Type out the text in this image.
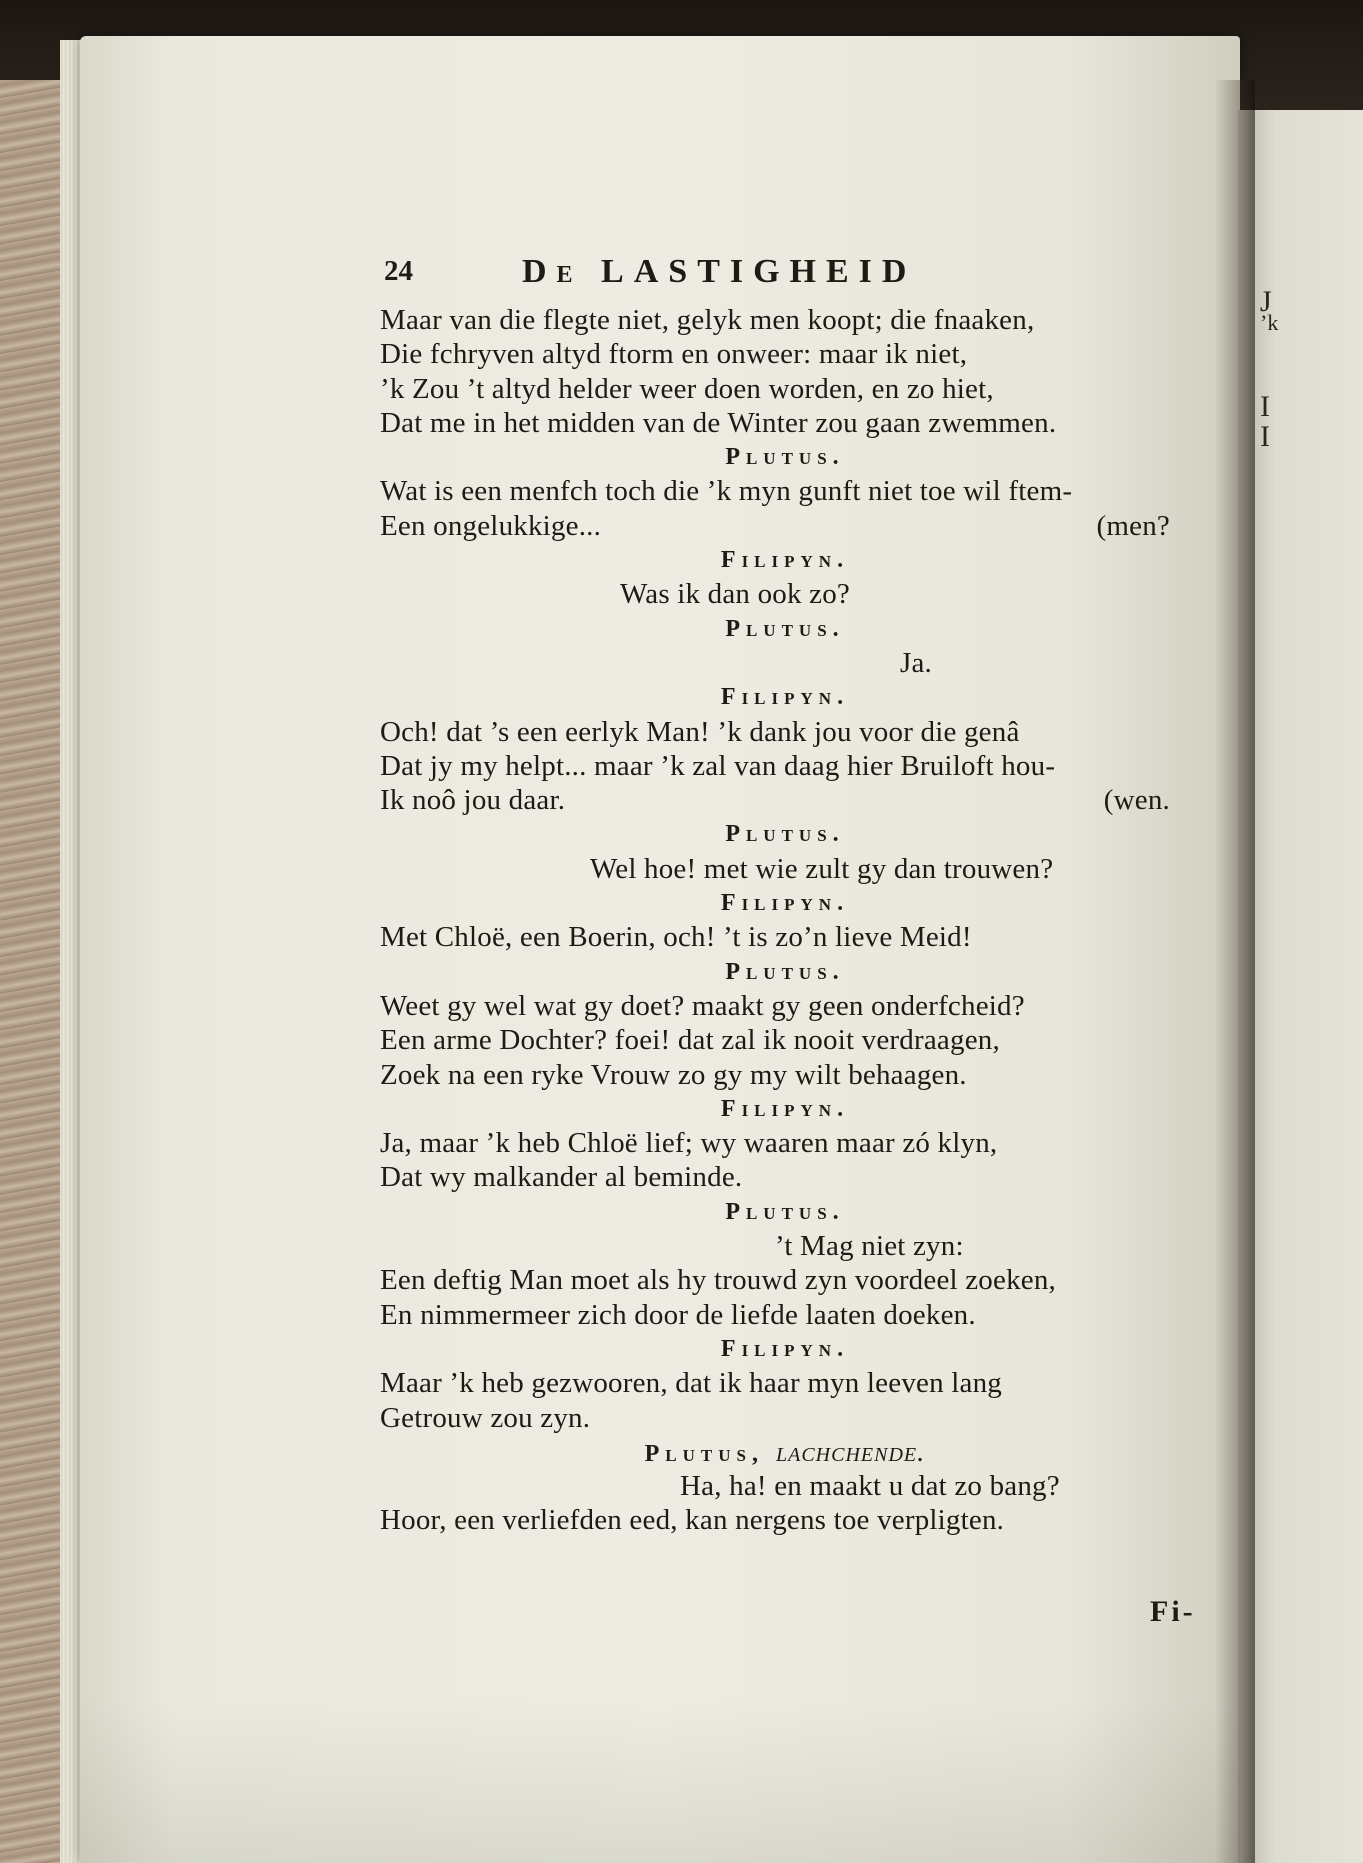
J
’k
I
I
24	De LASTIGHEID
Maar van die flegte niet, gelyk men koopt; die fnaaken,
Die fchryven altyd ftorm en onweer: maar ik niet,
’k Zou ’t altyd helder weer doen worden, en zo hiet,
Dat me in het midden van de Winter zou gaan zwemmen.
Plutus.
Wat is een menfch toch die ’k myn gunft niet toe wil ftem-
Een ongelukkige...	(men?
Filipyn.
Was ik dan ook zo?
Plutus.
Ja.
Filipyn.
Och! dat ’s een eerlyk Man! ’k dank jou voor die genâ
Dat jy my helpt... maar ’k zal van daag hier Bruiloft hou-
Ik noô jou daar.	(wen.
Plutus.
Wel hoe! met wie zult gy dan trouwen?
Filipyn.
Met Chloë, een Boerin, och! ’t is zo’n lieve Meid!
Plutus.
Weet gy wel wat gy doet? maakt gy geen onderfcheid?
Een arme Dochter? foei! dat zal ik nooit verdraagen,
Zoek na een ryke Vrouw zo gy my wilt behaagen.
Filipyn.
Ja, maar ’k heb Chloë lief; wy waaren maar zó klyn,
Dat wy malkander al beminde.
Plutus.
’t Mag niet zyn:
Een deftig Man moet als hy trouwd zyn voordeel zoeken,
En nimmermeer zich door de liefde laaten doeken.
Filipyn.
Maar ’k heb gezwooren, dat ik haar myn leeven lang
Getrouw zou zyn.
Plutus, lachchende.
Ha, ha! en maakt u dat zo bang?
Hoor, een verliefden eed, kan nergens toe verpligten.
Fi-
